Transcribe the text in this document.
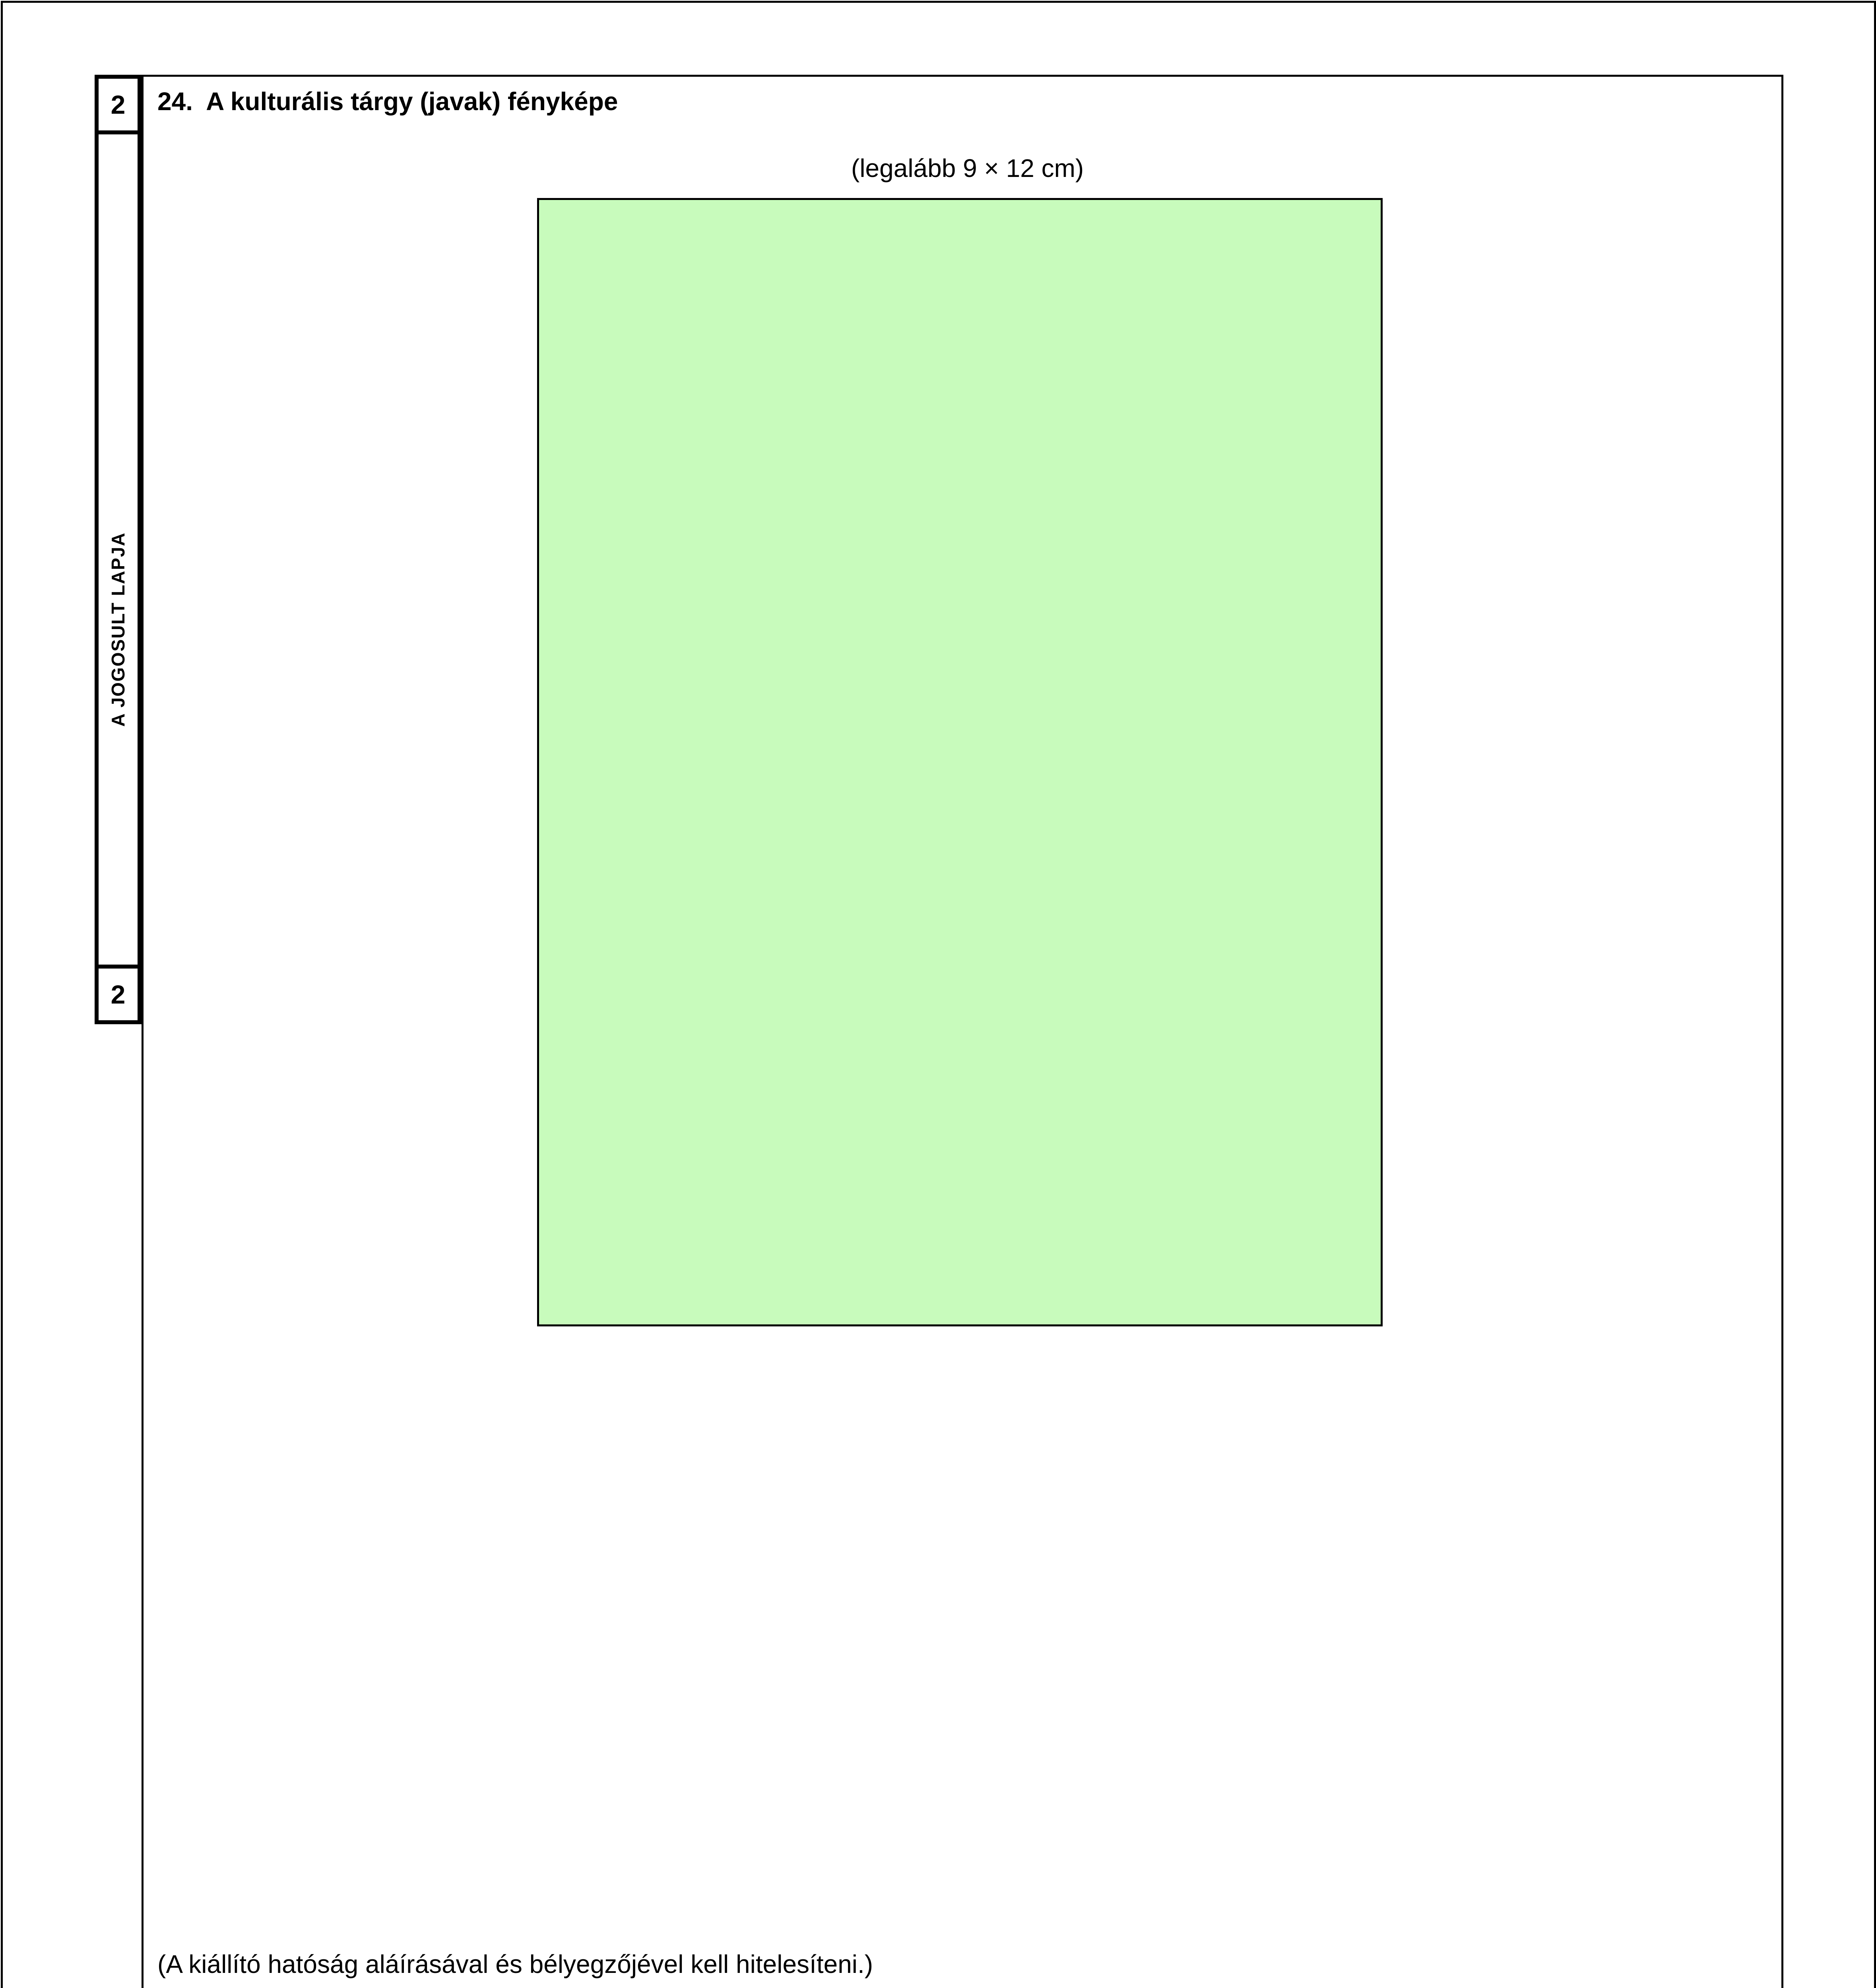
2
A JOGOSULT LAPJA
2
24. A kulturális tárgy (javak) fényképe
(legalább 9 × 12 cm)
(A kiállító hatóság aláírásával és bélyegzőjével kell hitelesíteni.)
